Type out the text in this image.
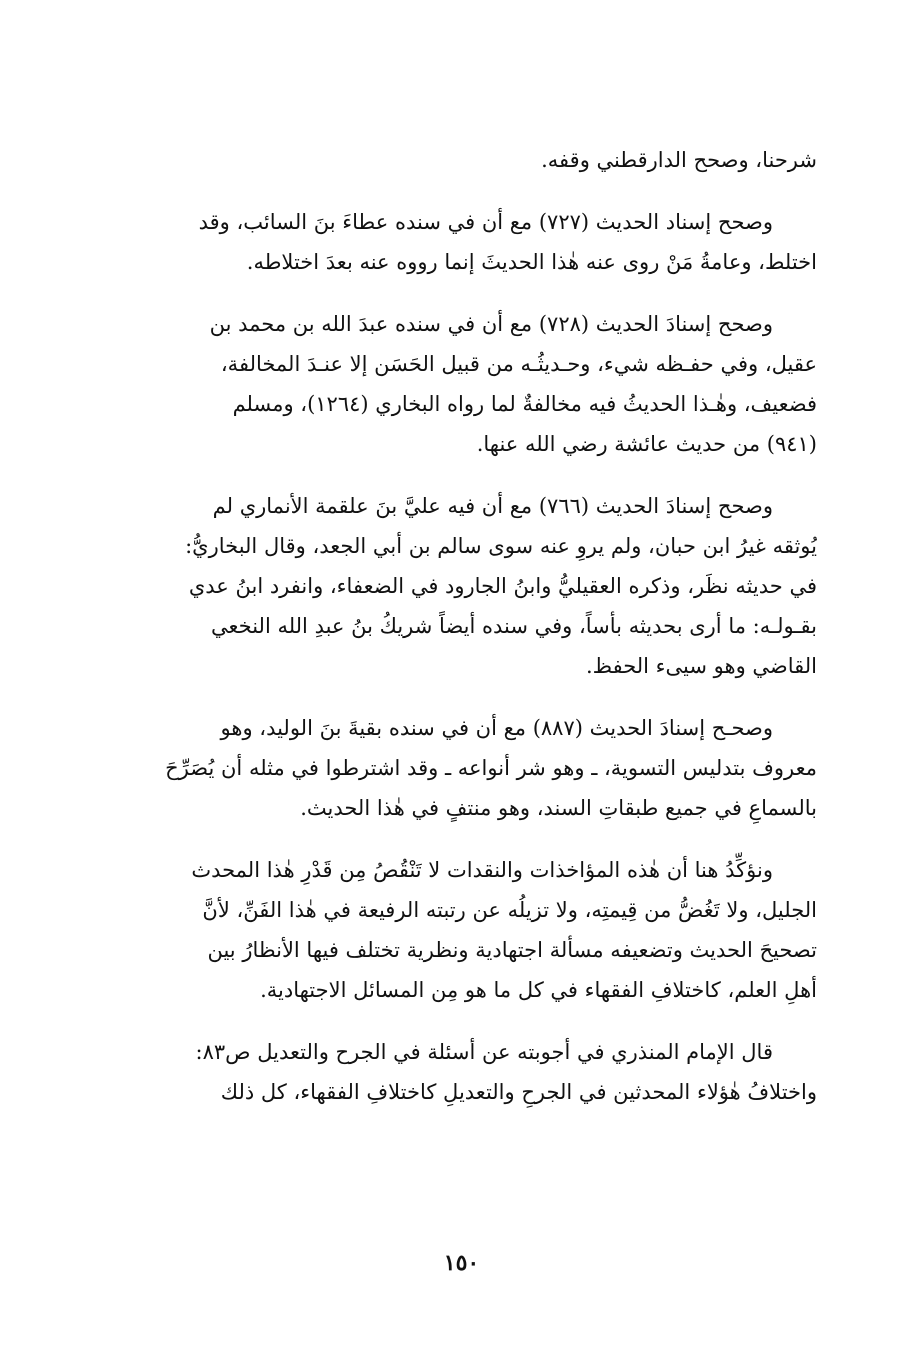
شرحنا، وصحح الدارقطني وقفه.
وصحح إسناد الحديث (٧٢٧) مع أن في سنده عطاءَ بنَ السائب، وقد
اختلط، وعامةُ مَنْ روى عنه هٰذا الحديثَ إنما رووه عنه بعدَ اختلاطه.
وصحح إسنادَ الحديث (٧٢٨) مع أن في سنده عبدَ الله بن محمد بن
عقيل، وفي حفـظه شيء، وحـديثُـه من قبيل الحَسَن إلا عنـدَ المخالفة،
فضعيف، وهٰـذا الحديثُ فيه مخالفةٌ لما رواه البخاري (١٢٦٤)، ومسلم
(٩٤١) من حديث عائشة رضي الله عنها.
وصحح إسنادَ الحديث (٧٦٦) مع أن فيه عليَّ بنَ علقمة الأنماري لم
يُوثقه غيرُ ابن حبان، ولم يروِ عنه سوى سالم بن أبي الجعد، وقال البخاريُّ:
في حديثه نظَر، وذكره العقيليُّ وابنُ الجارود في الضعفاء، وانفرد ابنُ عدي
بقـولـه: ما أرى بحديثه بأساً، وفي سنده أيضاً شريكُ بنُ عبدِ الله النخعي
القاضي وهو سيىء الحفظ.
وصحـح إسنادَ الحديث (٨٨٧) مع أن في سنده بقيةَ بنَ الوليد، وهو
معروف بتدليس التسوية، ـ وهو شر أنواعه ـ وقد اشترطوا في مثله أن يُصَرِّحَ
بالسماعِ في جميع طبقاتِ السند، وهو منتفٍ في هٰذا الحديث.
ونؤكِّدُ هنا أن هٰذه المؤاخذات والنقدات لا تَنْقُصُ مِن قَدْرِ هٰذا المحدث
الجليل، ولا تَغُضُّ من قِيمتِه، ولا تزيلُه عن رتبته الرفيعة في هٰذا الفَنِّ، لأنَّ
تصحيحَ الحديث وتضعيفه مسألة اجتهادية ونظرية تختلف فيها الأنظارُ بين
أهلِ العلم، كاختلافِ الفقهاء في كل ما هو مِن المسائل الاجتهادية.
قال الإمام المنذري في أجوبته عن أسئلة في الجرح والتعديل ص٨٣:
واختلافُ هٰؤلاء المحدثين في الجرحِ والتعديلِ كاختلافِ الفقهاء، كل ذلك
١٥٠
